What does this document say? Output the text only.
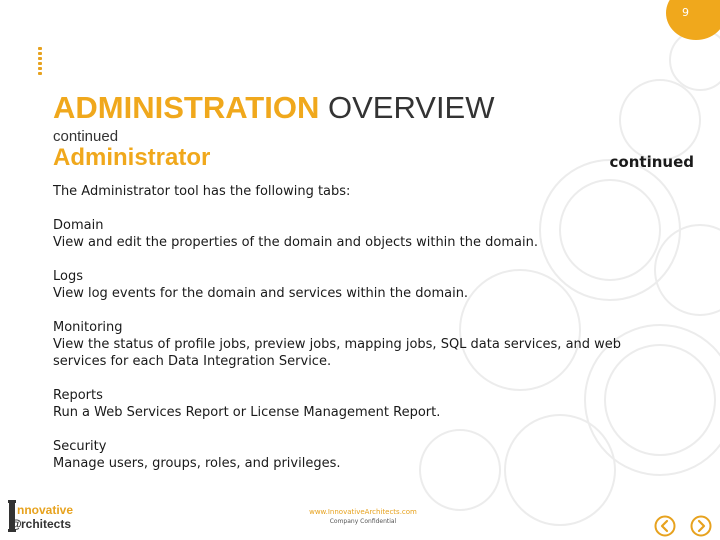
9
ADMINISTRATION OVERVIEW
continued
Administrator	continued
The Administrator tool has the following tabs:
Domain
View and edit the properties of the domain and objects within the domain.
Logs
View log events for the domain and services within the domain.
Monitoring
View the status of profile jobs, preview jobs, mapping jobs, SQL data services, and web services for each Data Integration Service.
Reports
Run a Web Services Report or License Management Report.
Security
Manage users, groups, roles, and privileges.
nnovative
@ rchitects
www.InnovativeArchitects.com
Company Confidential
